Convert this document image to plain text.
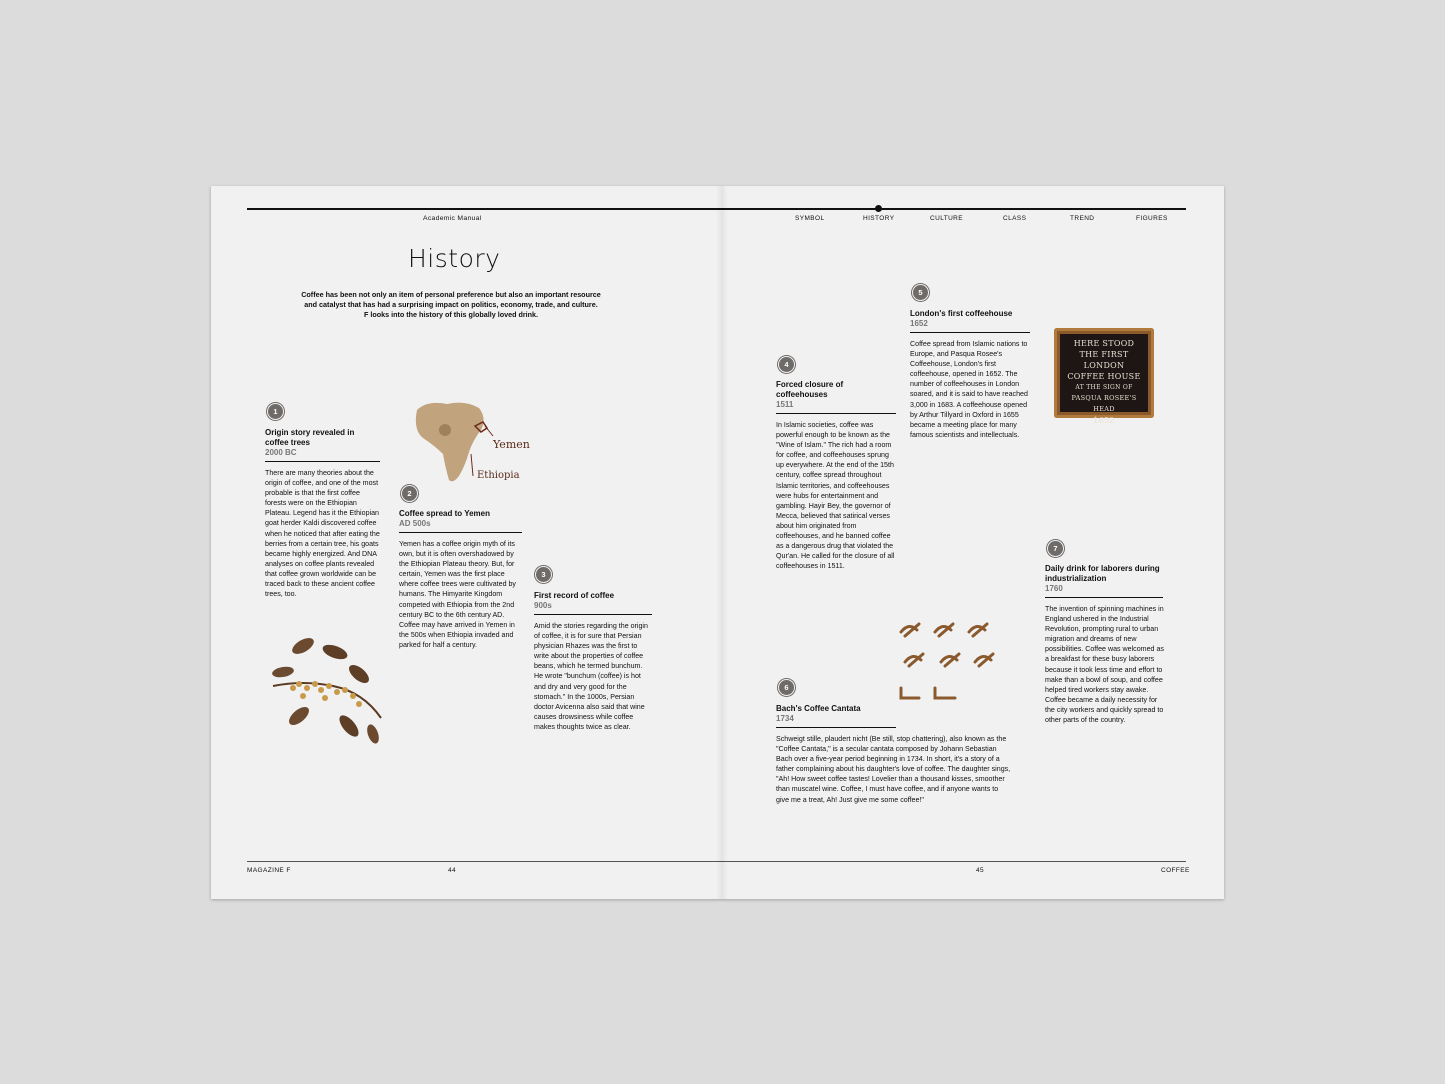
Academic Manual	SYMBOL	HISTORY	CULTURE	CLASS	TREND	FIGURES
History
Coffee has been not only an item of personal preference but also an important resource
and catalyst that has had a surprising impact on politics, economy, trade, and culture.
F looks into the history of this globally loved drink.
1
Origin story revealed in coffee trees
2000 BC
There are many theories about the origin of coffee, and one of the most probable is that the first coffee forests were on the Ethiopian Plateau. Legend has it the Ethiopian goat herder Kaldi discovered coffee when he noticed that after eating the berries from a certain tree, his goats became highly energized. And DNA analyses on coffee plants revealed that coffee grown worldwide can be traced back to these ancient coffee trees, too.
2
Coffee spread to Yemen
AD 500s
Yemen has a coffee origin myth of its own, but it is often overshadowed by the Ethiopian Plateau theory. But, for certain, Yemen was the first place where coffee trees were cultivated by humans. The Himyarite Kingdom competed with Ethiopia from the 2nd century BC to the 6th century AD. Coffee may have arrived in Yemen in the 500s when Ethiopia invaded and parked for half a century.
3
First record of coffee
900s
Amid the stories regarding the origin of coffee, it is for sure that Persian physician Rhazes was the first to write about the properties of coffee beans, which he termed bunchum. He wrote "bunchum (coffee) is hot and dry and very good for the stomach." In the 1000s, Persian doctor Avicenna also said that wine causes drowsiness while coffee makes thoughts twice as clear.
4
Forced closure of coffeehouses
1511
In Islamic societies, coffee was powerful enough to be known as the "Wine of Islam." The rich had a room for coffee, and coffeehouses sprung up everywhere. At the end of the 15th century, coffee spread throughout Islamic territories, and coffeehouses were hubs for entertainment and gambling. Hayir Bey, the governor of Mecca, believed that satirical verses about him originated from coffeehouses, and he banned coffee as a dangerous drug that violated the Qur'an. He called for the closure of all coffeehouses in 1511.
5
London's first coffeehouse
1652
Coffee spread from Islamic nations to Europe, and Pasqua Rosee's Coffeehouse, London's first coffeehouse, opened in 1652. The number of coffeehouses in London soared, and it is said to have reached 3,000 in 1683. A coffeehouse opened by Arthur Tillyard in Oxford in 1655 became a meeting place for many famous scientists and intellectuals.
6
Bach's Coffee Cantata
1734
Schweigt stille, plaudert nicht (Be still, stop chattering), also known as the "Coffee Cantata," is a secular cantata composed by Johann Sebastian Bach over a five-year period beginning in 1734. In short, it's a story of a father complaining about his daughter's love of coffee. The daughter sings, "Ah! How sweet coffee tastes! Lovelier than a thousand kisses, smoother than muscatel wine. Coffee, I must have coffee, and if anyone wants to give me a treat, Ah! Just give me some coffee!"
7
Daily drink for laborers during industrialization
1760
The invention of spinning machines in England ushered in the Industrial Revolution, prompting rural to urban migration and dreams of new possibilities. Coffee was welcomed as a breakfast for these busy laborers because it took less time and effort to make than a bowl of soup, and coffee helped tired workers stay awake. Coffee became a daily necessity for the city workers and quickly spread to other parts of the country.
Yemen
Ethiopia
HERE STOOD
THE FIRST LONDON
COFFEE HOUSE
AT THE SIGN OF
PASQUA ROSEE'S HEAD
1652
MAGAZINE F	44	45	COFFEE
